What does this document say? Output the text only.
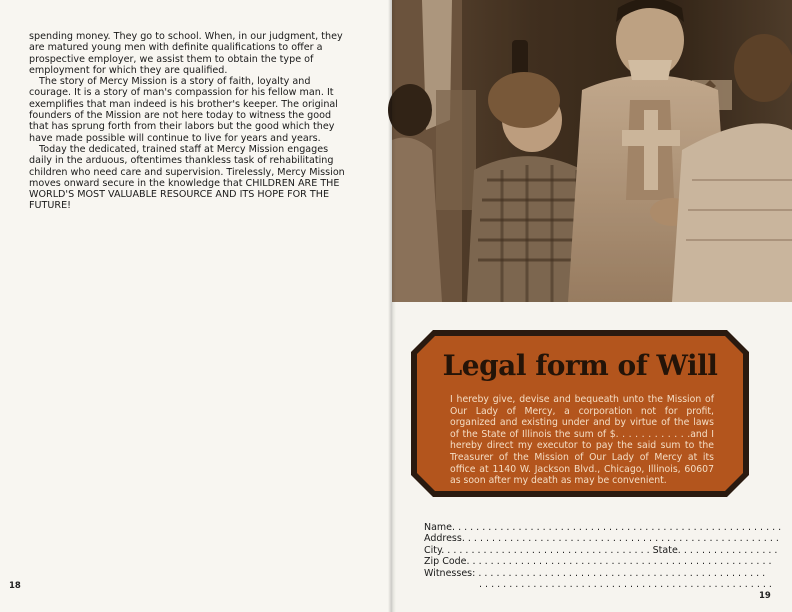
spending money. They go to school. When, in our judgment, they are matured young men with definite qualifications to offer a prospective employer, we assist them to obtain the type of employment for which they are qualified.

The story of Mercy Mission is a story of faith, loyalty and courage. It is a story of man's compassion for his fellow man. It exemplifies that man indeed is his brother's keeper. The original founders of the Mission are not here today to witness the good that has sprung forth from their labors but the good which they have made possible will continue to live for years and years.

Today the dedicated, trained staff at Mercy Mission engages daily in the arduous, oftentimes thankless task of rehabilitating children who need care and supervision. Tirelessly, Mercy Mission moves onward secure in the knowledge that CHILDREN ARE THE WORLD'S MOST VALUABLE RESOURCE AND ITS HOPE FOR THE FUTURE!

18
Legal form of Will

I hereby give, devise and bequeath unto the Mission of Our Lady of Mercy, a corporation not for profit, organized and existing under and by virtue of the laws of the State of Illinois the sum of $. . . . . . . . . . . .and I hereby direct my executor to pay the said sum to the Treasurer of the Mission of Our Lady of Mercy at its office at 1140 W. Jackson Blvd., Chicago, Illinois, 60607 as soon after my death as may be convenient.

Name. . . . . . . . . . . . . . . . . . . . . . . . . . . . . . . . . . . . . . . . . . . . . . . . . . . . . . .
Address. . . . . . . . . . . . . . . . . . . . . . . . . . . . . . . . . . . . . . . . . . . . . . . . . . . . .
City. . . . . . . . . . . . . . . . . . . . . . . . . . . . . . . . . . . State. . . . . . . . . . . . . . . . .
Zip Code. . . . . . . . . . . . . . . . . . . . . . . . . . . . . . . . . . . . . . . . . . . . . . . . . . .
Witnesses: . . . . . . . . . . . . . . . . . . . . . . . . . . . . . . . . . . . . . . . . . . . . . . . .
. . . . . . . . . . . . . . . . . . . . . . . . . . . . . . . . . . . . . . . . . . . . . . . . .
19
